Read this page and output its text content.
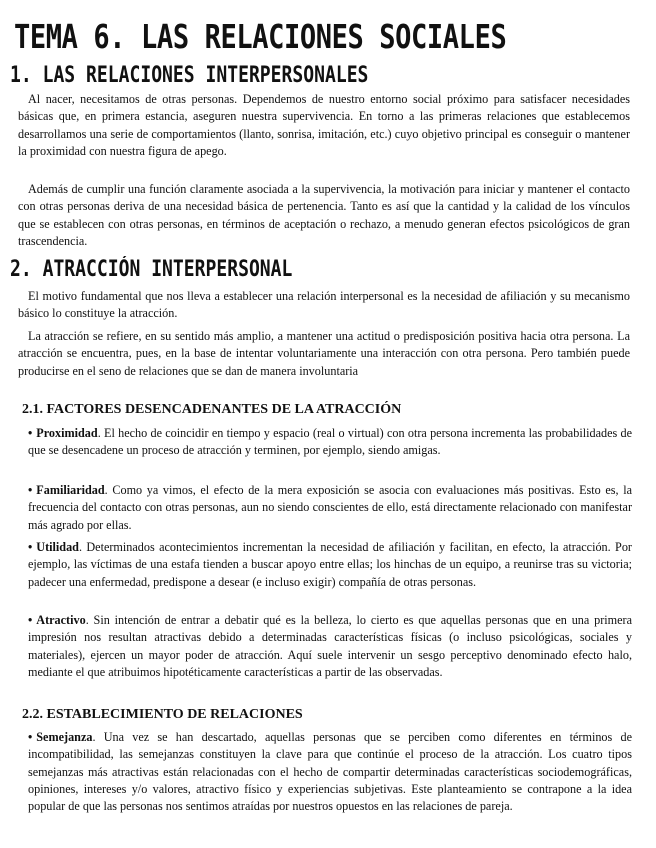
TEMA 6. LAS RELACIONES SOCIALES
1. LAS RELACIONES INTERPERSONALES

Al nacer, necesitamos de otras personas. Dependemos de nuestro entorno social próximo para satisfacer necesidades básicas que, en primera estancia, aseguren nuestra supervivencia. En torno a las primeras relaciones que establecemos desarrollamos una serie de comportamientos (llanto, sonrisa, imitación, etc.) cuyo objetivo principal es conseguir o mantener la proximidad con nuestra figura de apego.

Además de cumplir una función claramente asociada a la supervivencia, la motivación para iniciar y mantener el contacto con otras personas deriva de una necesidad básica de pertenencia. Tanto es así que la cantidad y la calidad de los vínculos que se establecen con otras personas, en términos de aceptación o rechazo, a menudo generan efectos psicológicos de gran trascendencia.

2. ATRACCIÓN INTERPERSONAL

El motivo fundamental que nos lleva a establecer una relación interpersonal es la necesidad de afiliación y su mecanismo básico lo constituye la atracción.

La atracción se refiere, en su sentido más amplio, a mantener una actitud o predisposición positiva hacia otra persona. La atracción se encuentra, pues, en la base de intentar voluntariamente una interacción con otra persona. Pero también puede producirse en el seno de relaciones que se dan de manera involuntaria

2.1. FACTORES DESENCADENANTES DE LA ATRACCIÓN
• Proximidad. El hecho de coincidir en tiempo y espacio (real o virtual) con otra persona incrementa las probabilidades de que se desencadene un proceso de atracción y terminen, por ejemplo, siendo amigas.
• Familiaridad. Como ya vimos, el efecto de la mera exposición se asocia con evaluaciones más positivas. Esto es, la frecuencia del contacto con otras personas, aun no siendo conscientes de ello, está directamente relacionado con manifestar más agrado por ellas.
• Utilidad. Determinados acontecimientos incrementan la necesidad de afiliación y facilitan, en efecto, la atracción. Por ejemplo, las víctimas de una estafa tienden a buscar apoyo entre ellas; los hinchas de un equipo, a reunirse tras su victoria; padecer una enfermedad, predispone a desear (e incluso exigir) compañía de otras personas.
• Atractivo. Sin intención de entrar a debatir qué es la belleza, lo cierto es que aquellas personas que en una primera impresión nos resultan atractivas debido a determinadas características físicas (o incluso psicológicas, sociales y materiales), ejercen un mayor poder de atracción. Aquí suele intervenir un sesgo perceptivo denominado efecto halo, mediante el que atribuimos hipotéticamente características a partir de las observadas.
2.2. ESTABLECIMIENTO DE RELACIONES
• Semejanza. Una vez se han descartado, aquellas personas que se perciben como diferentes en términos de incompatibilidad, las semejanzas constituyen la clave para que continúe el proceso de la atracción. Los cuatro tipos semejanzas más atractivas están relacionadas con el hecho de compartir determinadas características sociodemográficas, opiniones, intereses y/o valores, atractivo físico y experiencias subjetivas. Este planteamiento se contrapone a la idea popular de que las personas nos sentimos atraídas por nuestros opuestos en las relaciones de pareja.
